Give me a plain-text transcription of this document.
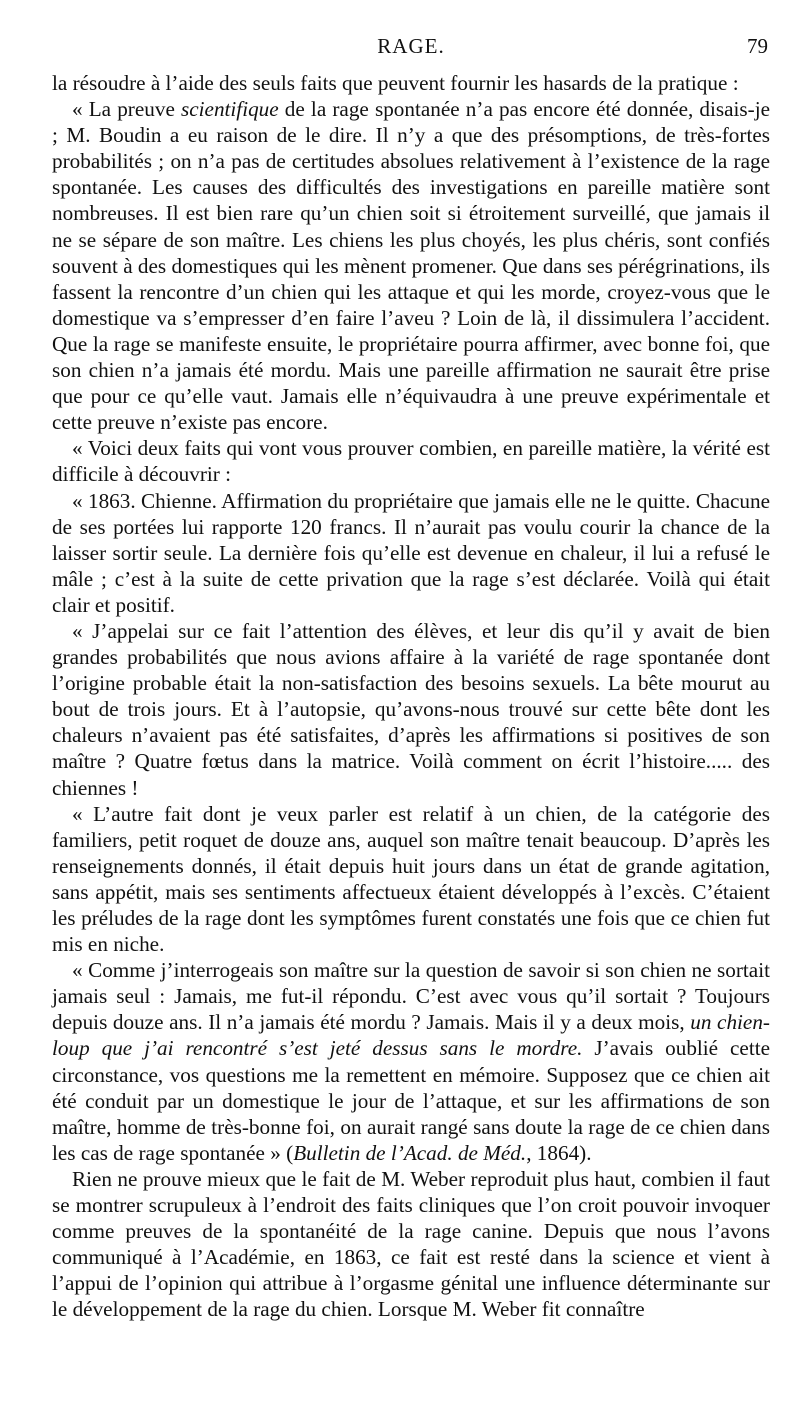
RAGE.	79

la résoudre à l’aide des seuls faits que peuvent fournir les hasards de la pratique :

« La preuve scientifique de la rage spontanée n’a pas encore été donnée, disais-je ; M. Boudin a eu raison de le dire. Il n’y a que des présomptions, de très-fortes probabilités ; on n’a pas de certitudes absolues relativement à l’existence de la rage spontanée. Les causes des difficultés des investigations en pareille matière sont nombreuses. Il est bien rare qu’un chien soit si étroitement surveillé, que jamais il ne se sépare de son maître. Les chiens les plus choyés, les plus chéris, sont confiés souvent à des domestiques qui les mènent promener. Que dans ses pérégrinations, ils fassent la rencontre d’un chien qui les attaque et qui les morde, croyez-vous que le domestique va s’empresser d’en faire l’aveu ? Loin de là, il dissimulera l’accident. Que la rage se manifeste ensuite, le propriétaire pourra affirmer, avec bonne foi, que son chien n’a jamais été mordu. Mais une pareille affirmation ne saurait être prise que pour ce qu’elle vaut. Jamais elle n’équivaudra à une preuve expérimentale et cette preuve n’existe pas encore.

« Voici deux faits qui vont vous prouver combien, en pareille matière, la vérité est difficile à découvrir :

« 1863. Chienne. Affirmation du propriétaire que jamais elle ne le quitte. Chacune de ses portées lui rapporte 120 francs. Il n’aurait pas voulu courir la chance de la laisser sortir seule. La dernière fois qu’elle est devenue en chaleur, il lui a refusé le mâle ; c’est à la suite de cette privation que la rage s’est déclarée. Voilà qui était clair et positif.

« J’appelai sur ce fait l’attention des élèves, et leur dis qu’il y avait de bien grandes probabilités que nous avions affaire à la variété de rage spontanée dont l’origine probable était la non-satisfaction des besoins sexuels. La bête mourut au bout de trois jours. Et à l’autopsie, qu’avons-nous trouvé sur cette bête dont les chaleurs n’avaient pas été satisfaites, d’après les affirmations si positives de son maître ? Quatre fœtus dans la matrice. Voilà comment on écrit l’histoire..... des chiennes !

« L’autre fait dont je veux parler est relatif à un chien, de la catégorie des familiers, petit roquet de douze ans, auquel son maître tenait beaucoup. D’après les renseignements donnés, il était depuis huit jours dans un état de grande agitation, sans appétit, mais ses sentiments affectueux étaient développés à l’excès. C’étaient les préludes de la rage dont les symptômes furent constatés une fois que ce chien fut mis en niche.

« Comme j’interrogeais son maître sur la question de savoir si son chien ne sortait jamais seul : Jamais, me fut-il répondu. C’est avec vous qu’il sortait ? Toujours depuis douze ans. Il n’a jamais été mordu ? Jamais. Mais il y a deux mois, un chien-loup que j’ai rencontré s’est jeté dessus sans le mordre. J’avais oublié cette circonstance, vos questions me la remettent en mémoire. Supposez que ce chien ait été conduit par un domestique le jour de l’attaque, et sur les affirmations de son maître, homme de très-bonne foi, on aurait rangé sans doute la rage de ce chien dans les cas de rage spontanée » (Bulletin de l’Acad. de Méd., 1864).

Rien ne prouve mieux que le fait de M. Weber reproduit plus haut, combien il faut se montrer scrupuleux à l’endroit des faits cliniques que l’on croit pouvoir invoquer comme preuves de la spontanéité de la rage canine. Depuis que nous l’avons communiqué à l’Académie, en 1863, ce fait est resté dans la science et vient à l’appui de l’opinion qui attribue à l’orgasme génital une influence déterminante sur le développement de la rage du chien. Lorsque M. Weber fit connaître
